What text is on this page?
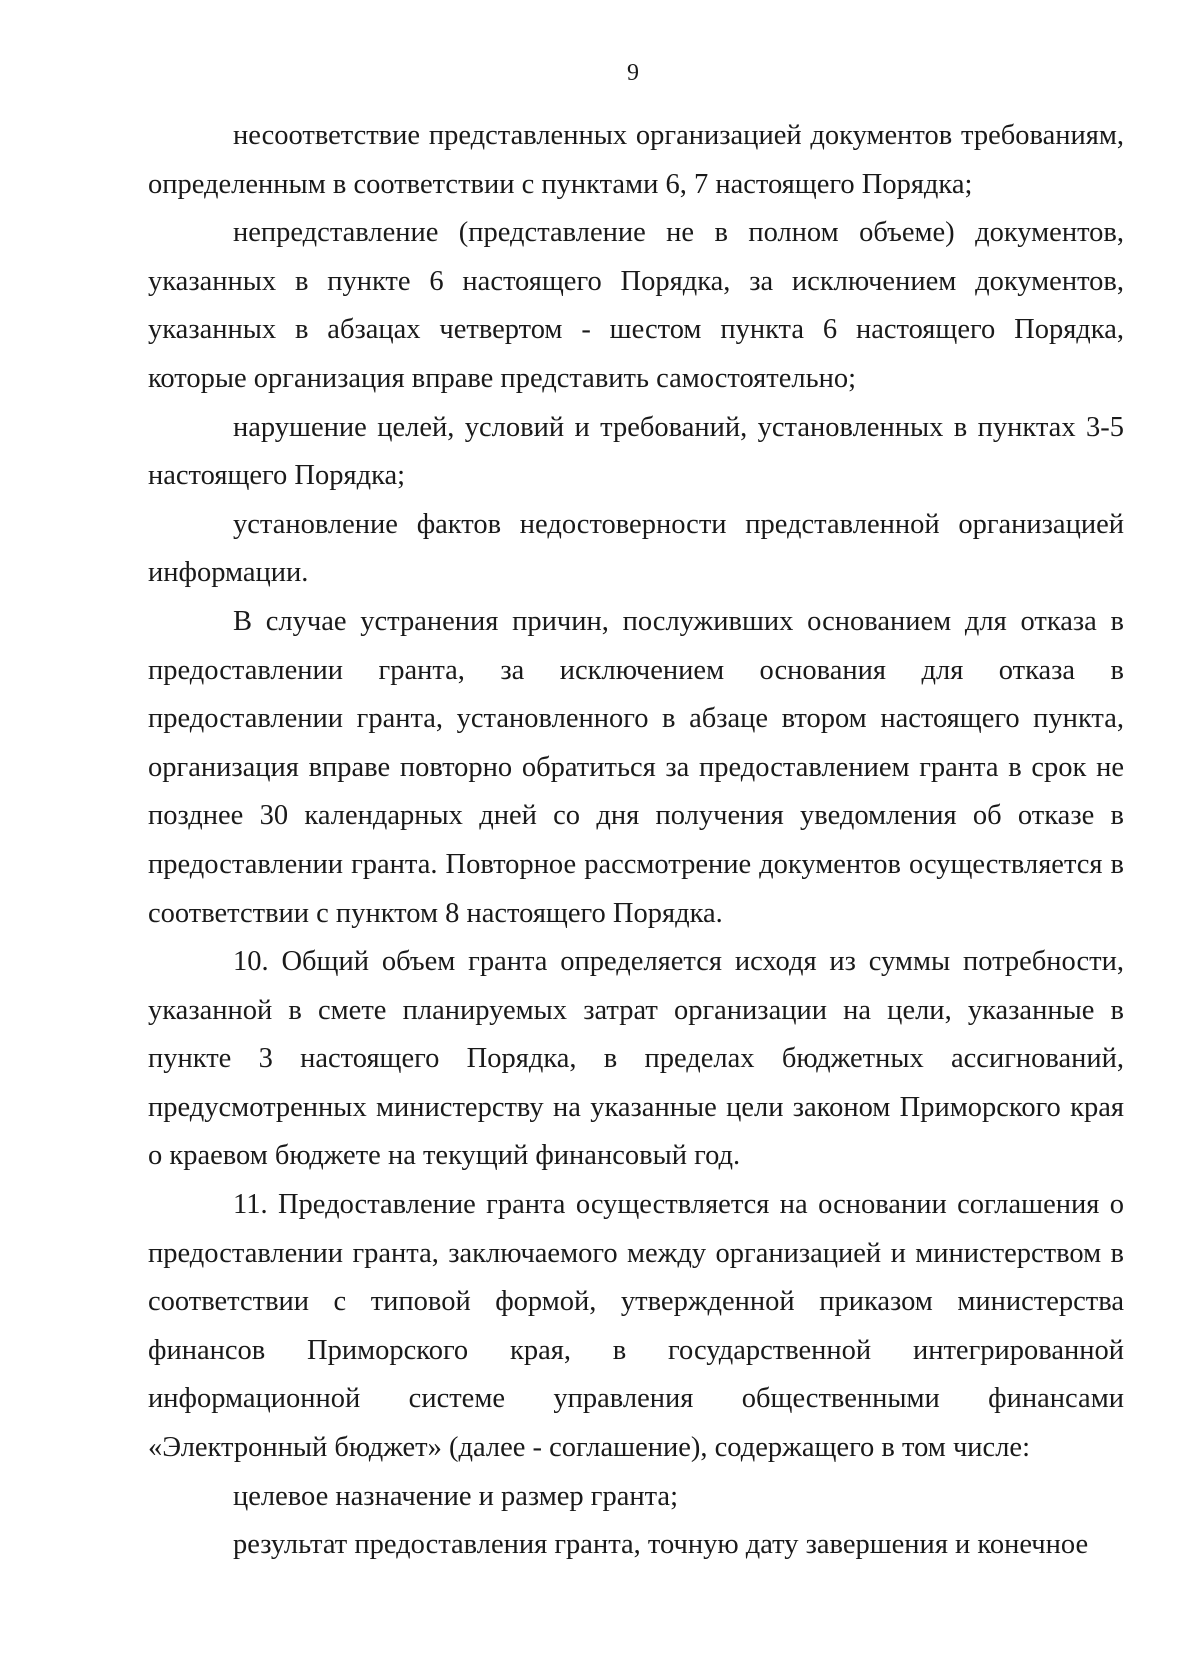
9

несоответствие представленных организацией документов требованиям, определенным в соответствии с пунктами 6, 7 настоящего Порядка;

непредставление (представление не в полном объеме) документов, указанных в пункте 6 настоящего Порядка, за исключением документов, указанных в абзацах четвертом - шестом пункта 6 настоящего Порядка, которые организация вправе представить самостоятельно;

нарушение целей, условий и требований, установленных в пунктах 3-5 настоящего Порядка;

установление фактов недостоверности представленной организацией информации.

В случае устранения причин, послуживших основанием для отказа в предоставлении гранта, за исключением основания для отказа в предоставлении гранта, установленного в абзаце втором настоящего пункта, организация вправе повторно обратиться за предоставлением гранта в срок не позднее 30 календарных дней со дня получения уведомления об отказе в предоставлении гранта. Повторное рассмотрение документов осуществляется в соответствии с пунктом 8 настоящего Порядка.

10. Общий объем гранта определяется исходя из суммы потребности, указанной в смете планируемых затрат организации на цели, указанные в пункте 3 настоящего Порядка, в пределах бюджетных ассигнований, предусмотренных министерству на указанные цели законом Приморского края о краевом бюджете на текущий финансовый год.

11. Предоставление гранта осуществляется на основании соглашения о предоставлении гранта, заключаемого между организацией и министерством в соответствии с типовой формой, утвержденной приказом министерства финансов Приморского края, в государственной интегрированной информационной системе управления общественными финансами «Электронный бюджет» (далее - соглашение), содержащего в том числе:

целевое назначение и размер гранта;

результат предоставления гранта, точную дату завершения и конечное
